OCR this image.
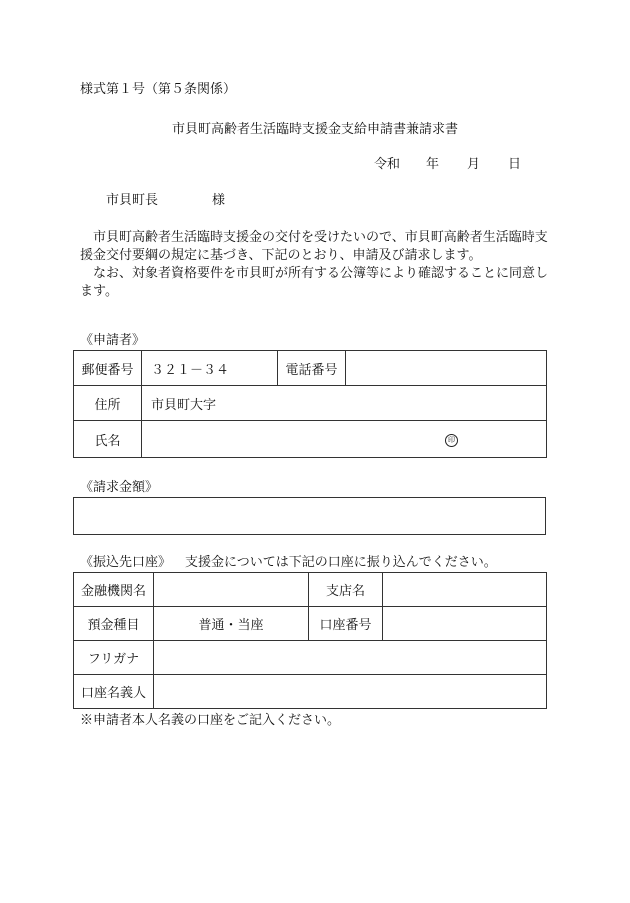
様式第１号（第５条関係）
市貝町高齢者生活臨時支援金支給申請書兼請求書
令和 年 月 日
市貝町長	様

市貝町高齢者生活臨時支援金の交付を受けたいので、市貝町高齢者生活臨時支援金交付要綱の規定に基づき、下記のとおり、申請及び請求します。

なお、対象者資格要件を市貝町が所有する公簿等により確認することに同意します。

《申請者》
郵便番号	３２１－３４	電話番号	
住所	市貝町大字		
氏名	印		
《請求金額》
《振込先口座》 支援金については下記の口座に振り込んでください。
金融機関名		支店名	
預金種目	普通・当座	口座番号	
フリガナ			
口座名義人			
※申請者本人名義の口座をご記入ください。
